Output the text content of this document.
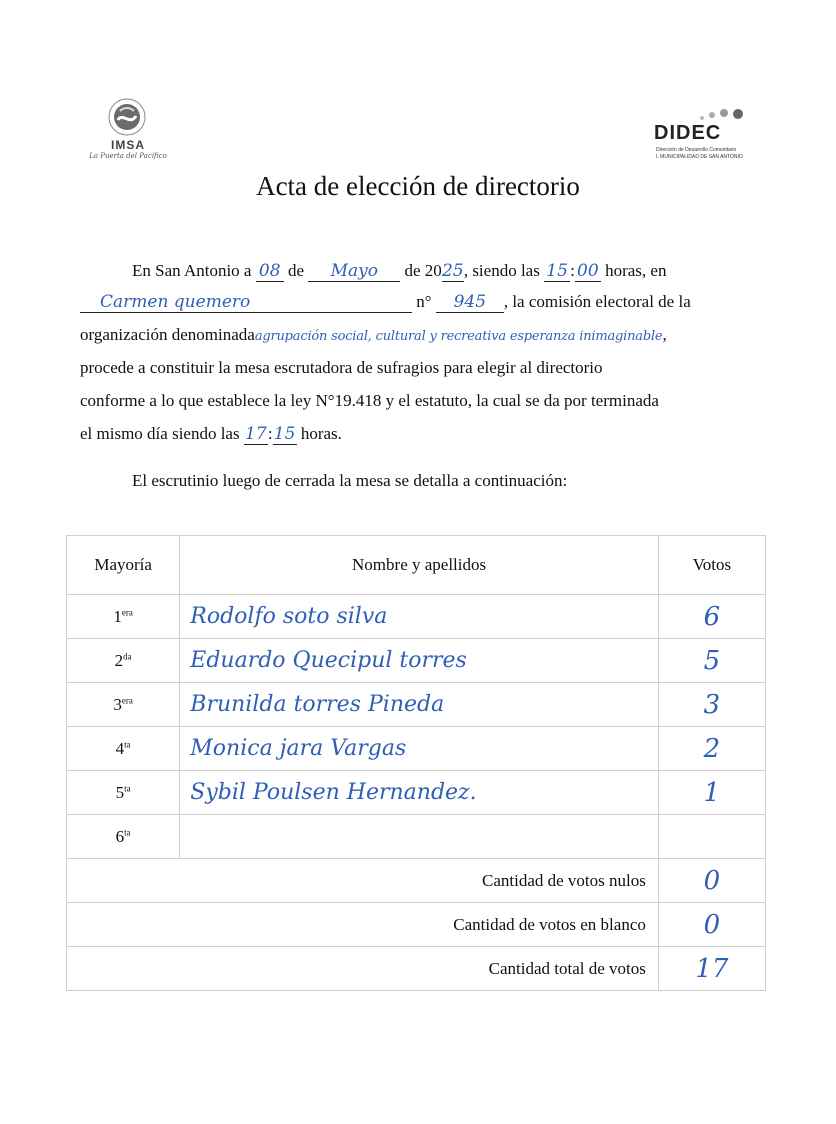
IMSA
La Puerta del Pacífico
DIDEC
Dirección de Desarrollo Comunitario
I. MUNICIPALIDAD DE SAN ANTONIO
Acta de elección de directorio
En San Antonio a 08 de Mayo de 2025, siendo las 15 : 00 horas, en
Carmen quemero	n° 945 , la comisión electoral de la
organización denominadaagrupación social, cultural y recreativa esperanza inimaginable,
procede a constituir la mesa escrutadora de sufragios para elegir al directorio
conforme a lo que establece la ley N°19.418 y el estatuto, la cual se da por terminada
el mismo día siendo las 17:15 horas.
El escrutinio luego de cerrada la mesa se detalla a continuación:
Mayoría	Nombre y apellidos	Votos
$1^{era}$	Rodolfo soto silva	6
$2^{da}$	Eduardo Quecipul torres	5
$3^{era}$	Brunilda torres Pineda	3
$4^{ta}$	Monica jara Vargas	2
$5^{ta}$	Sybil Poulsen Hernandez.	1
$6^{ta}$		
Cantidad de votos nulos		0
Cantidad de votos en blanco		0
Cantidad total de votos		17
